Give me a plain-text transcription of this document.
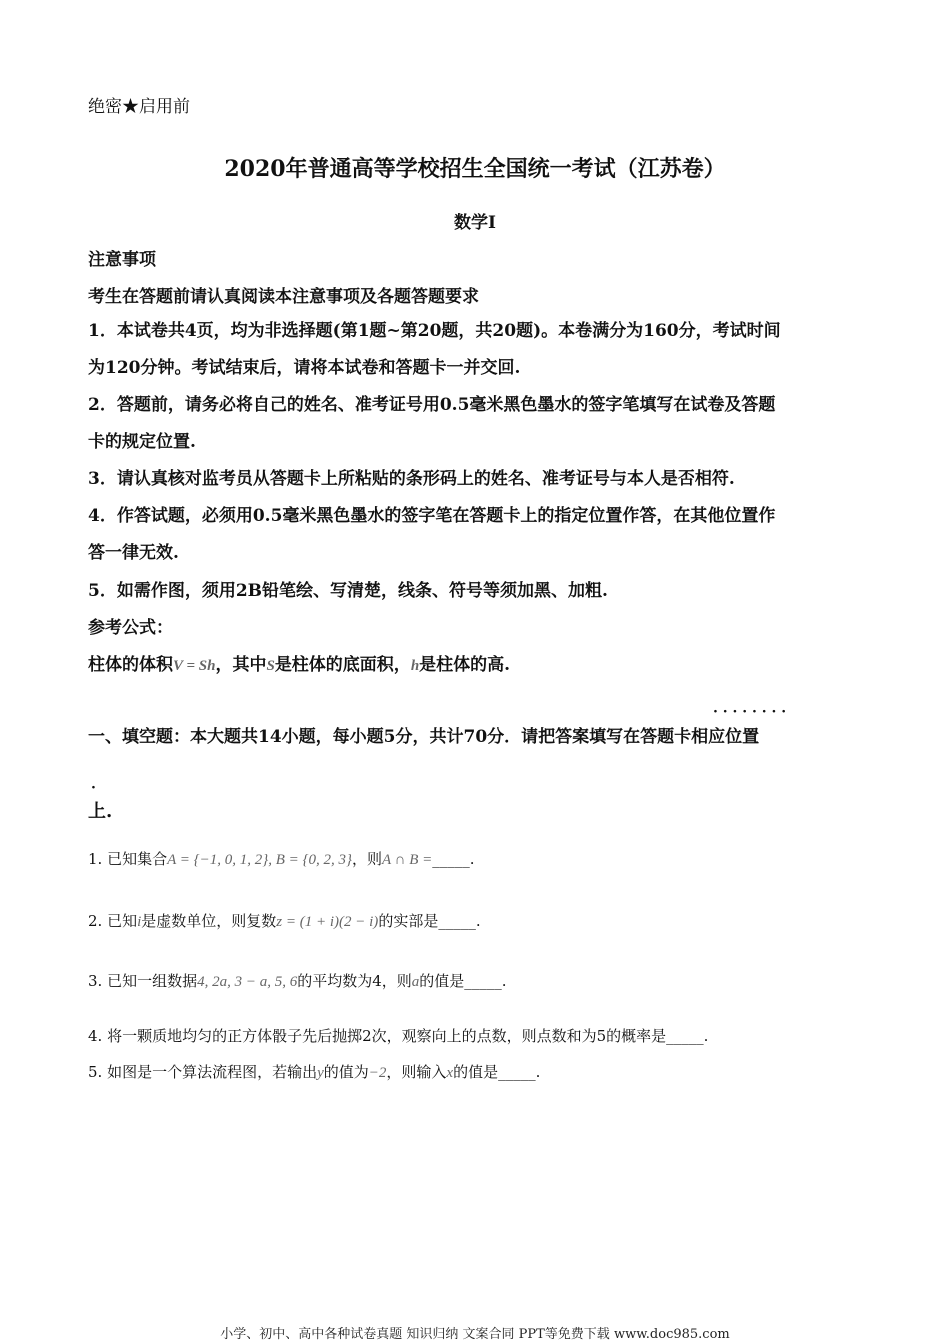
绝密★启用前
2020年普通高等学校招生全国统一考试（江苏卷）
数学Ⅰ
注意事项
考生在答题前请认真阅读本注意事项及各题答题要求
1．本试卷共4页，均为非选择题(第1题~第20题，共20题)。本卷满分为160分，考试时间
为120分钟。考试结束后，请将本试卷和答题卡一并交回.
2．答题前，请务必将自己的姓名、准考证号用0.5毫米黑色墨水的签字笔填写在试卷及答题
卡的规定位置.
3．请认真核对监考员从答题卡上所粘贴的条形码上的姓名、准考证号与本人是否相符.
4．作答试题，必须用0.5毫米黑色墨水的签字笔在答题卡上的指定位置作答，在其他位置作
答一律无效.
5．如需作图，须用2B铅笔绘、写清楚，线条、符号等须加黑、加粗.
参考公式：
柱体的体积V = Sh，其中S是柱体的底面积，h是柱体的高.
· · · · · · · ·
一、填空题：本大题共14小题，每小题5分，共计70分．请把答案填写在答题卡相应位置
·
上.
1. 已知集合A = {−1, 0, 1, 2}, B = {0, 2, 3}，则A ∩ B =_____.
2. 已知i是虚数单位，则复数z = (1 + i)(2 − i)的实部是_____.
3. 已知一组数据4, 2a, 3 − a, 5, 6的平均数为4，则a的值是_____.
4. 将一颗质地均匀的正方体骰子先后抛掷2次，观察向上的点数，则点数和为5的概率是_____.
5. 如图是一个算法流程图，若输出y的值为−2，则输入x的值是_____.
小学、初中、高中各种试卷真题 知识归纳 文案合同 PPT等免费下载 www.doc985.com
